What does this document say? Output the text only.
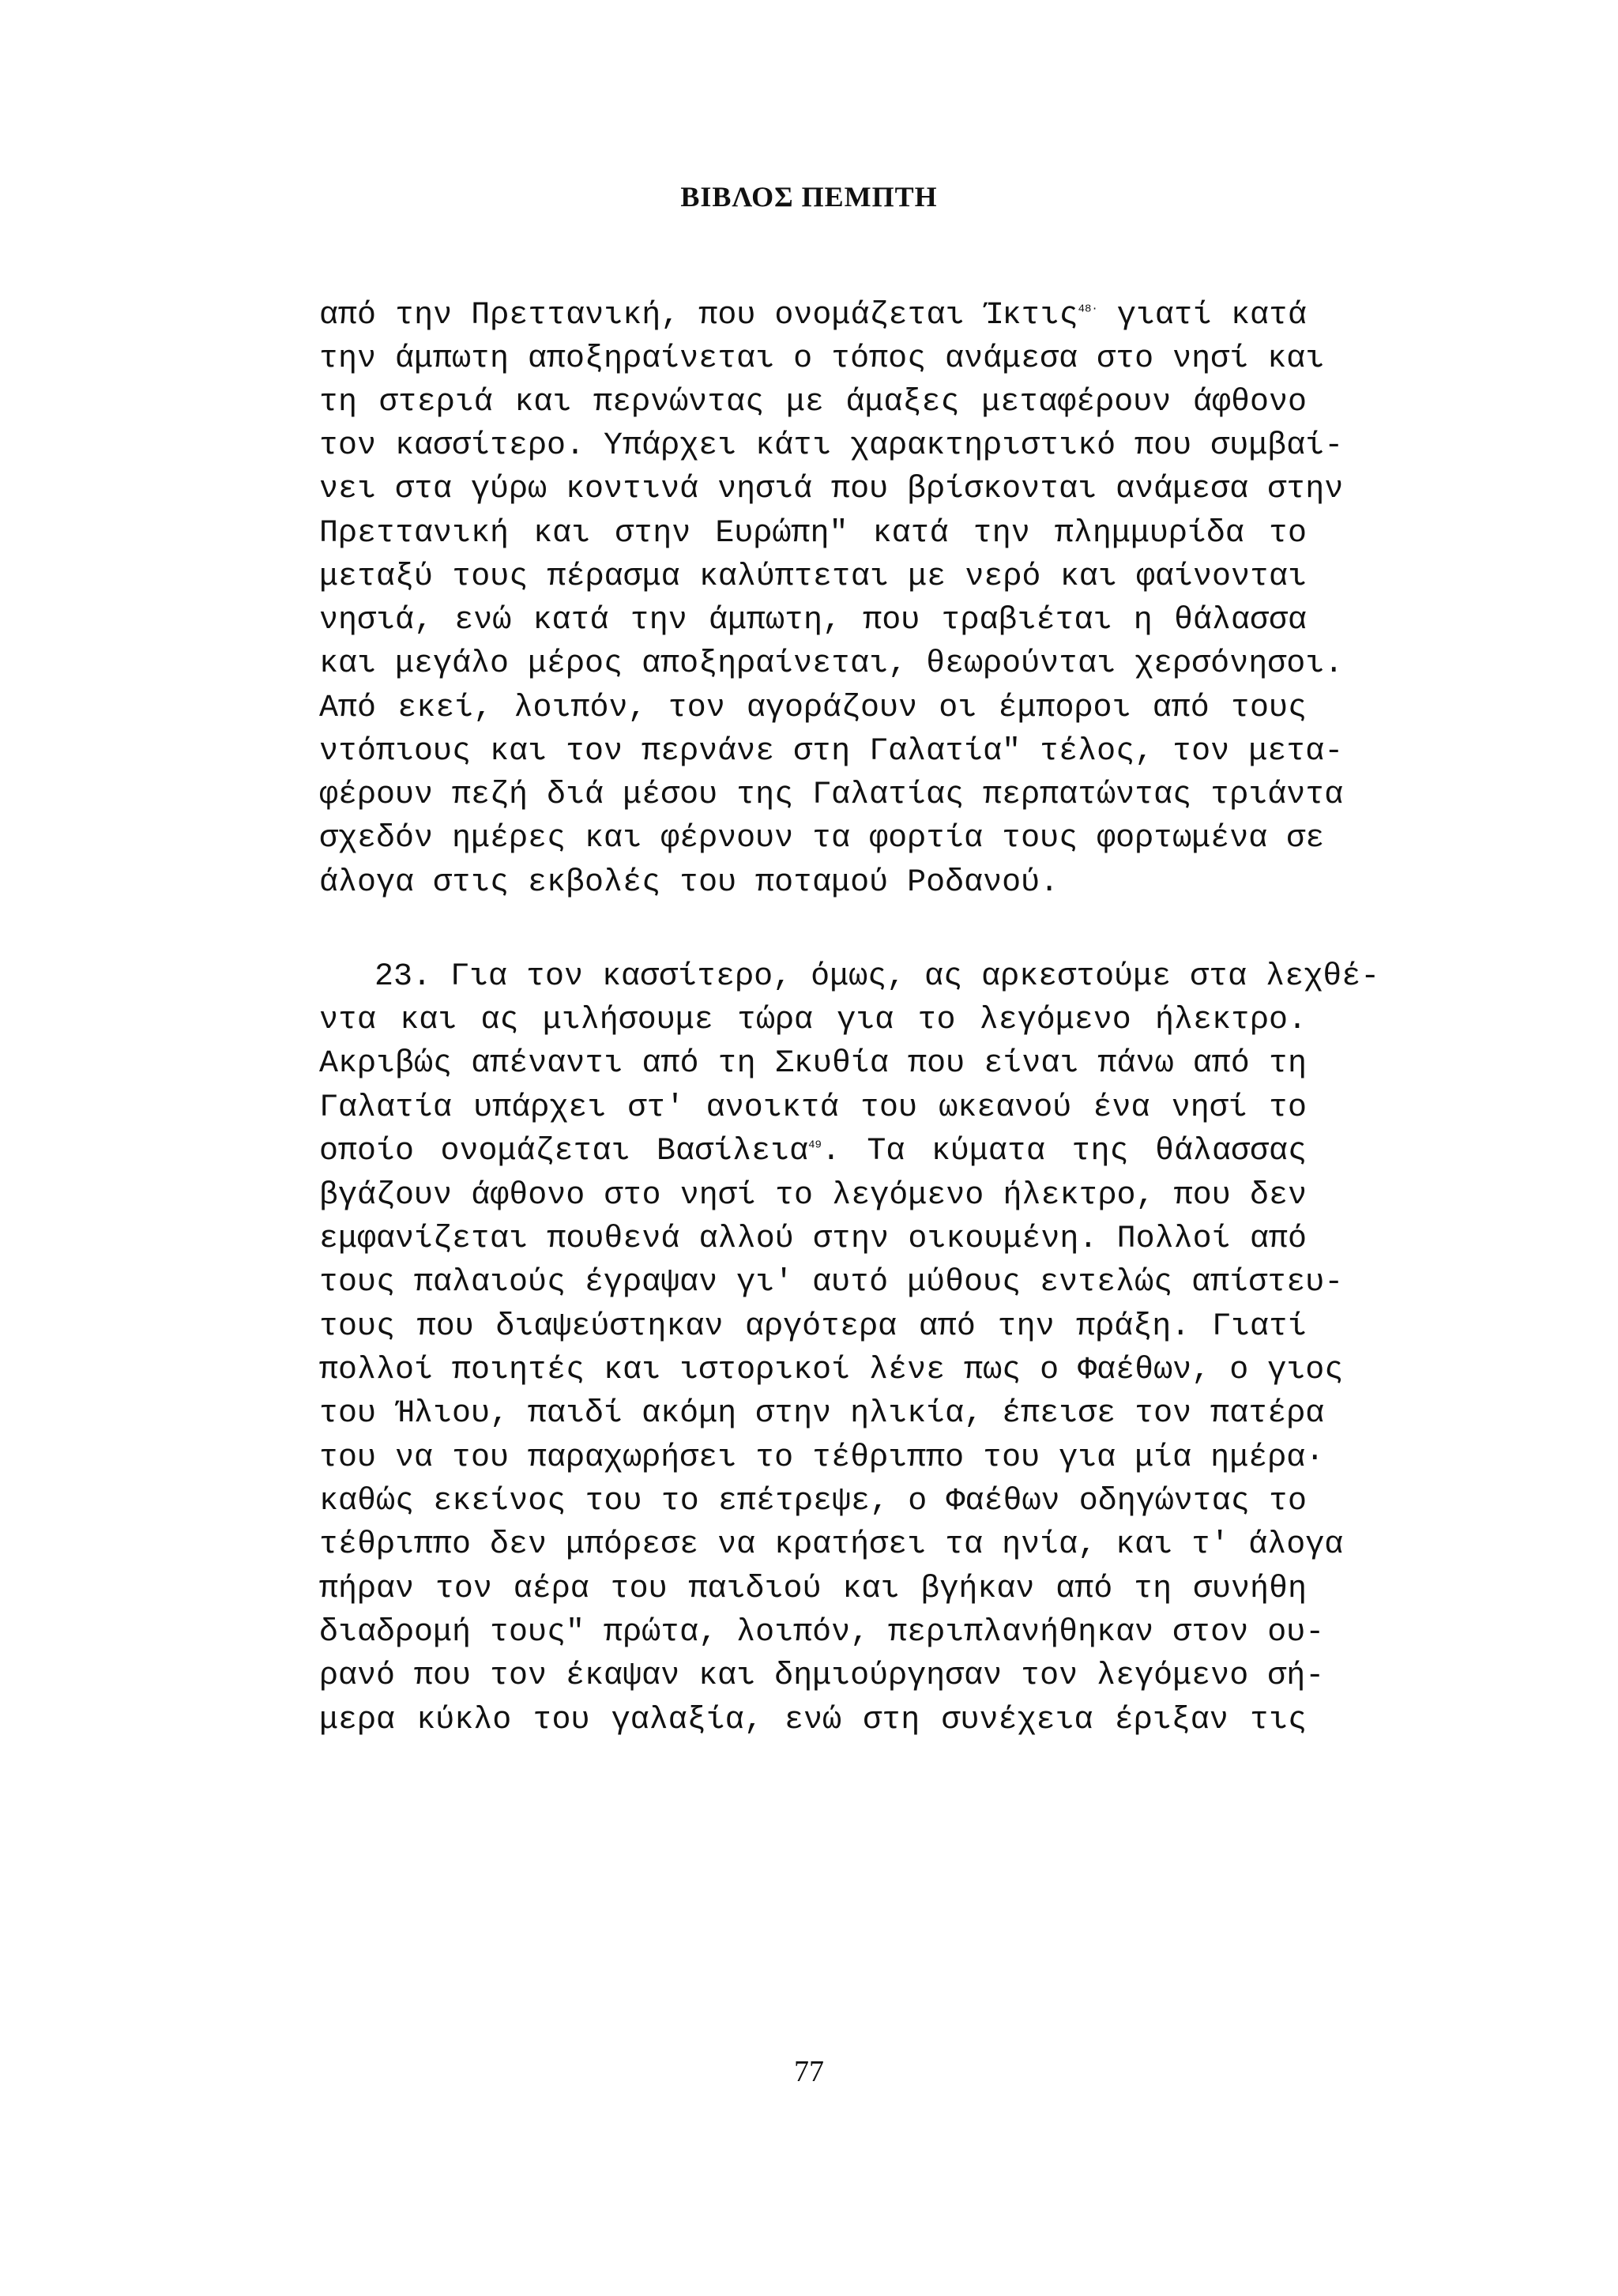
ΒΙΒΛΟΣ ΠΕΜΠΤΗ
από την Πρεττανική, που ονομάζεται Ίκτις$^{48\cdot}$ γιατί κατά
την άμπωτη αποξηραίνεται ο τόπος ανάμεσα στο νησί και
τη στεριά και περνώντας με άμαξες μεταφέρουν άφθονο
τον κασσίτερο. Υπάρχει κάτι χαρακτηριστικό που συμβαί-
νει στα γύρω κοντινά νησιά που βρίσκονται ανάμεσα στην
Πρεττανική και στην Ευρώπη" κατά την πλημμυρίδα το
μεταξύ τους πέρασμα καλύπτεται με νερό και φαίνονται
νησιά, ενώ κατά την άμπωτη, που τραβιέται η θάλασσα
και μεγάλο μέρος αποξηραίνεται, θεωρούνται χερσόνησοι.
Από εκεί, λοιπόν, τον αγοράζουν οι έμποροι από τους
ντόπιους και τον περνάνε στη Γαλατία" τέλος, τον μετα-
φέρουν πεζή διά μέσου της Γαλατίας περπατώντας τριάντα
σχεδόν ημέρες και φέρνουν τα φορτία τους φορτωμένα σε
άλογα στις εκβολές του ποταμού Ροδανού.
23. Για τον κασσίτερο, όμως, ας αρκεστούμε στα λεχθέ-
ντα και ας μιλήσουμε τώρα για το λεγόμενο ήλεκτρο.
Ακριβώς απέναντι από τη Σκυθία που είναι πάνω από τη
Γαλατία υπάρχει στ' ανοικτά του ωκεανού ένα νησί το
οποίο ονομάζεται Βασίλεια$^{49}$. Τα κύματα της θάλασσας
βγάζουν άφθονο στο νησί το λεγόμενο ήλεκτρο, που δεν
εμφανίζεται πουθενά αλλού στην οικουμένη. Πολλοί από
τους παλαιούς έγραψαν γι' αυτό μύθους εντελώς απίστευ-
τους που διαψεύστηκαν αργότερα από την πράξη. Γιατί
πολλοί ποιητές και ιστορικοί λένε πως ο Φαέθων, ο γιος
του Ήλιου, παιδί ακόμη στην ηλικία, έπεισε τον πατέρα
του να του παραχωρήσει το τέθριππο του για μία ημέρα·
καθώς εκείνος του το επέτρεψε, ο Φαέθων οδηγώντας το
τέθριππο δεν μπόρεσε να κρατήσει τα ηνία, και τ' άλογα
πήραν τον αέρα του παιδιού και βγήκαν από τη συνήθη
διαδρομή τους" πρώτα, λοιπόν, περιπλανήθηκαν στον ου-
ρανό που τον έκαψαν και δημιούργησαν τον λεγόμενο σή-
μερα κύκλο του γαλαξία, ενώ στη συνέχεια έριξαν τις
77
